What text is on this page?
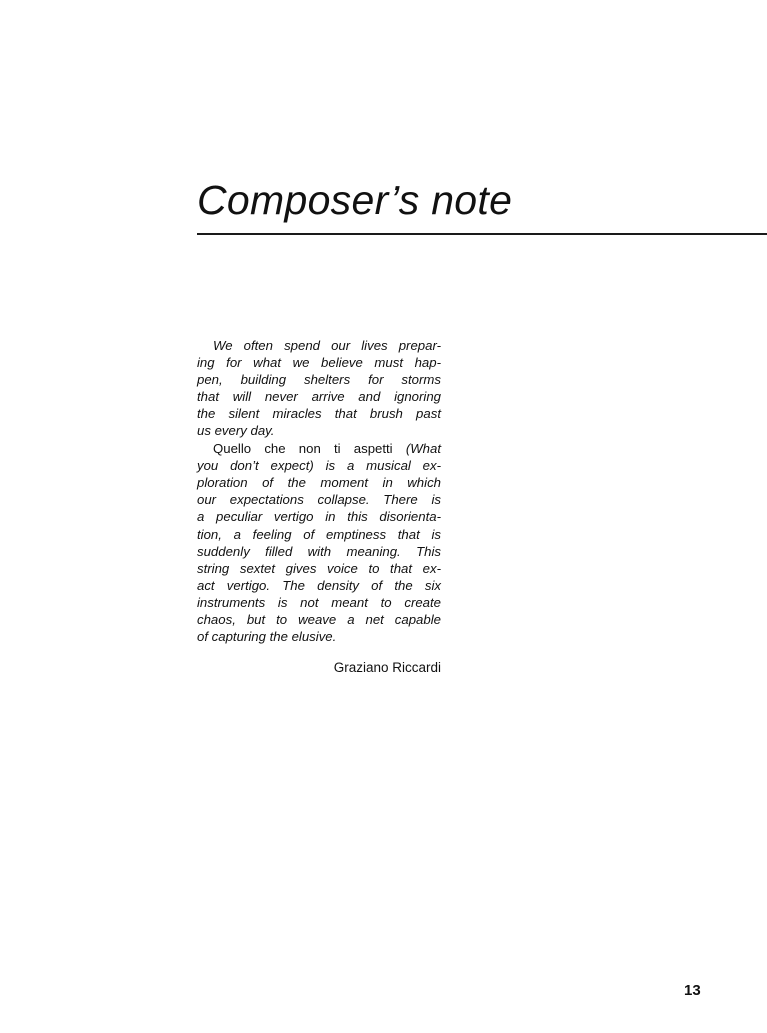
Composer’s note

We often spend our lives prepar-
ing for what we believe must hap-
pen, building shelters for storms
that will never arrive and ignoring
the silent miracles that brush past
us every day.

Quello che non ti aspetti (What
you don’t expect) is a musical ex-
ploration of the moment in which
our expectations collapse. There is
a peculiar vertigo in this disorienta-
tion, a feeling of emptiness that is
suddenly filled with meaning. This
string sextet gives voice to that ex-
act vertigo. The density of the six
instruments is not meant to create
chaos, but to weave a net capable
of capturing the elusive.

Graziano Riccardi
13
